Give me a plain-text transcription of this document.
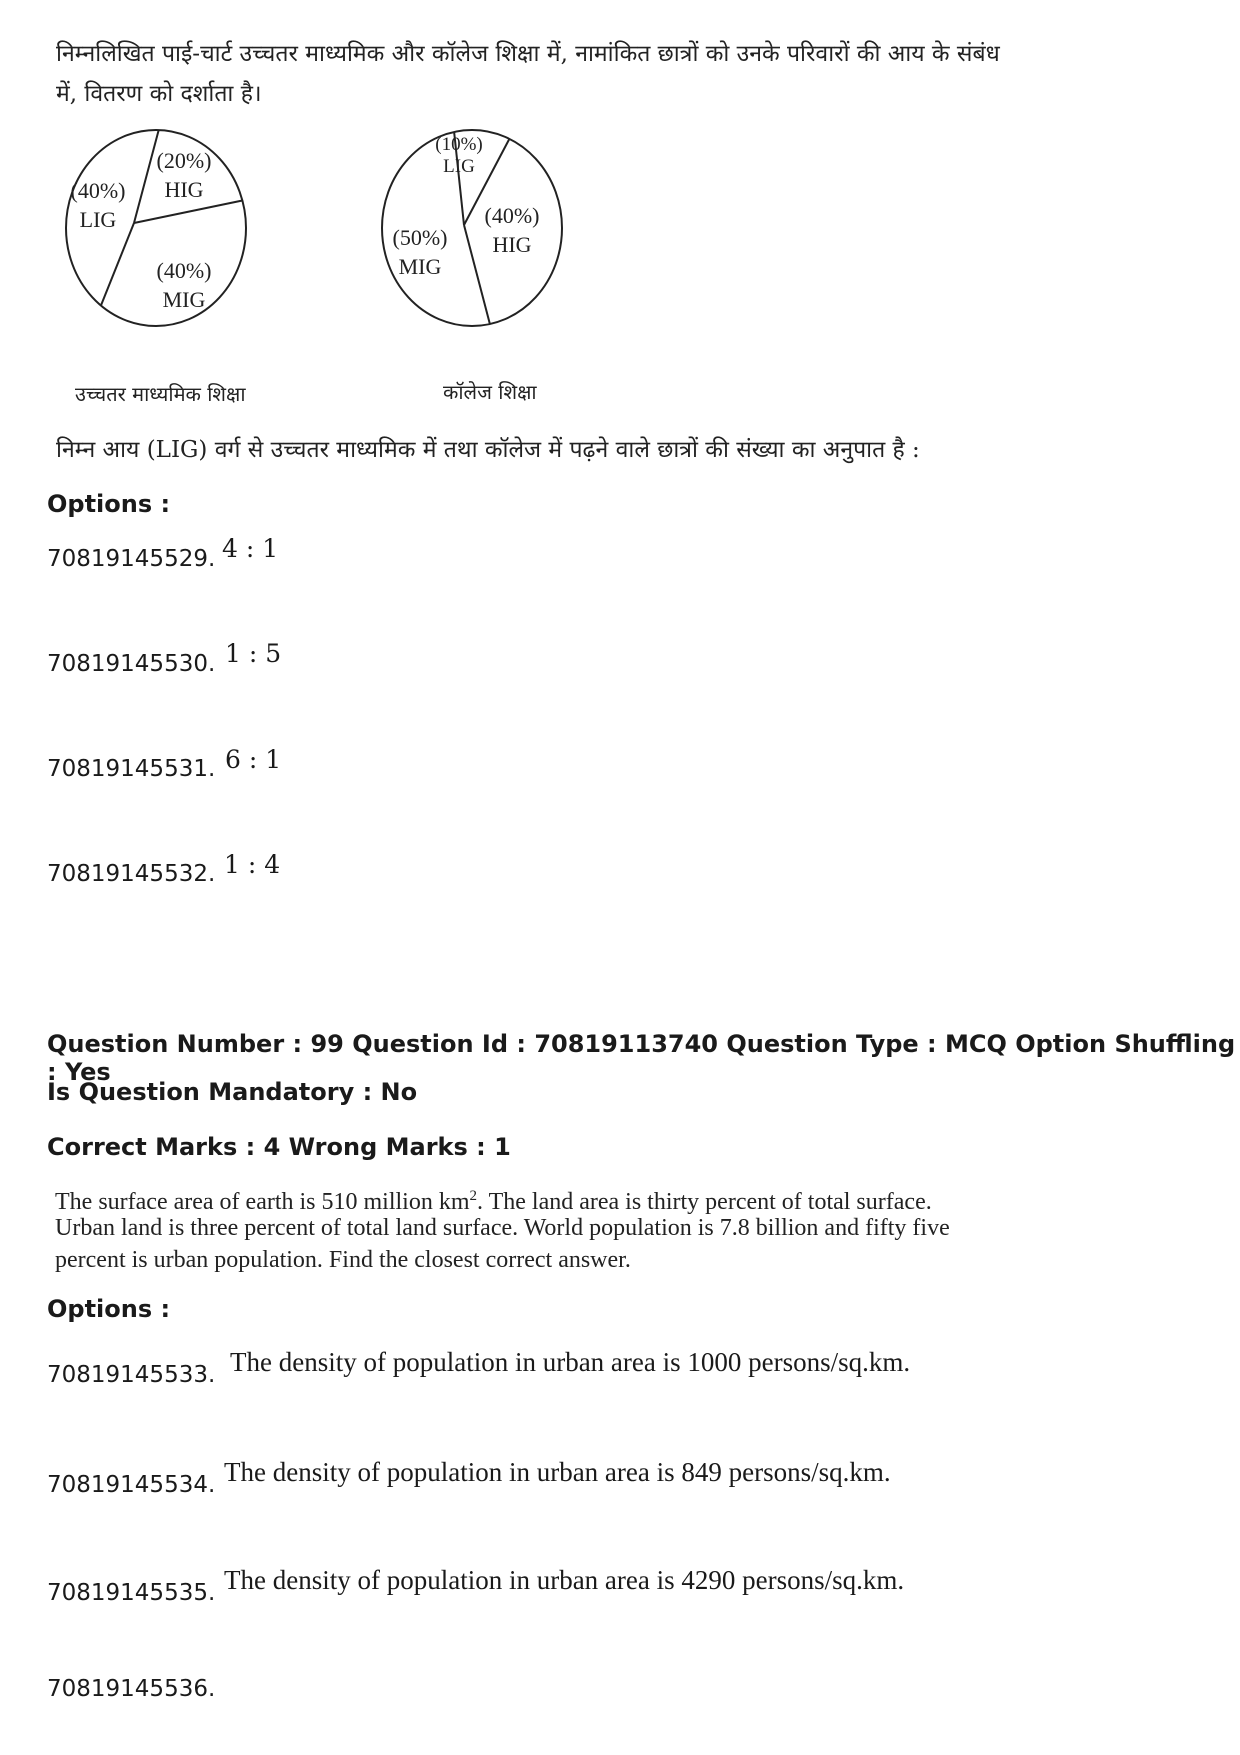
निम्नलिखित पाई-चार्ट उच्चतर माध्यमिक और कॉलेज शिक्षा में, नामांकित छात्रों को उनके परिवारों की आय के संबंध
में, वितरण को दर्शाता है।
(20%)
HIG
(40%)
MIG
(40%)
LIG
(10%)
LIG
(40%)
HIG
(50%)
MIG
उच्चतर माध्यमिक शिक्षा	कॉलेज शिक्षा
निम्न आय (LIG) वर्ग से उच्चतर माध्यमिक में तथा कॉलेज में पढ़ने वाले छात्रों की संख्या का अनुपात है :
Options :
70819145529. 4 : 1
70819145530. 1 : 5
70819145531. 6 : 1
70819145532. 1 : 4
Question Number : 99 Question Id : 70819113740 Question Type : MCQ Option Shuffling : Yes
Is Question Mandatory : No
Correct Marks : 4 Wrong Marks : 1
The surface area of earth is 510 million $km^2$. The land area is thirty percent of total surface.
Urban land is three percent of total land surface. World population is 7.8 billion and fifty five
percent is urban population. Find the closest correct answer.
Options :
70819145533. The density of population in urban area is 1000 persons/sq.km.
70819145534. The density of population in urban area is 849 persons/sq.km.
70819145535. The density of population in urban area is 4290 persons/sq.km.
70819145536.
